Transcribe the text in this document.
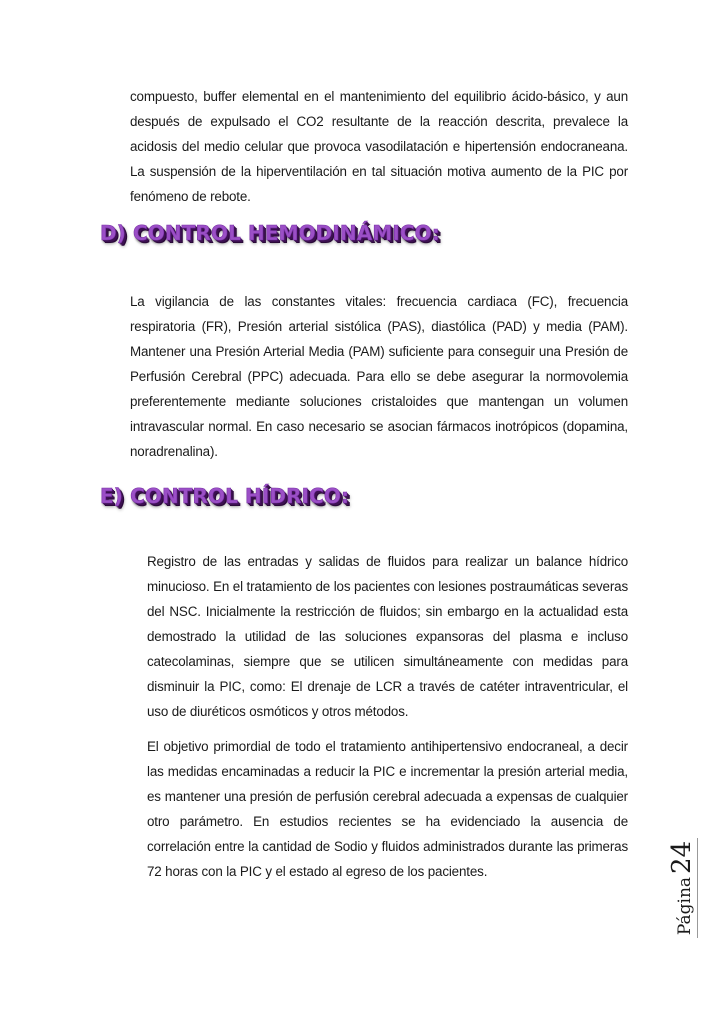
compuesto, buffer elemental en el mantenimiento del equilibrio ácido-básico, y aun después de expulsado el CO2 resultante de la reacción descrita, prevalece la acidosis del medio celular que provoca vasodilatación e hipertensión endocraneana. La suspensión de la hiperventilación en tal situación motiva aumento de la PIC por fenómeno de rebote.
D) CONTROL HEMODINÁMICO:
La vigilancia de las constantes vitales: frecuencia cardiaca (FC), frecuencia respiratoria (FR), Presión arterial sistólica (PAS), diastólica (PAD) y media (PAM). Mantener una Presión Arterial Media (PAM) suficiente para conseguir una Presión de Perfusión Cerebral (PPC) adecuada. Para ello se debe asegurar la normovolemia preferentemente mediante soluciones cristaloides que mantengan un volumen intravascular normal. En caso necesario se asocian fármacos inotrópicos (dopamina, noradrenalina).
E) CONTROL HÍDRICO:
Registro de las entradas y salidas de fluidos para realizar un balance hídrico minucioso. En el tratamiento de los pacientes con lesiones postraumáticas severas del NSC. Inicialmente la restricción de fluidos; sin embargo en la actualidad esta demostrado la utilidad de las soluciones expansoras del plasma e incluso catecolaminas, siempre que se utilicen simultáneamente con medidas para disminuir la PIC, como: El drenaje de LCR a través de catéter intraventricular, el uso de diuréticos osmóticos y otros métodos.
El objetivo primordial de todo el tratamiento antihipertensivo endocraneal, a decir las medidas encaminadas a reducir la PIC e incrementar la presión arterial media, es mantener una presión de perfusión cerebral adecuada a expensas de cualquier otro parámetro. En estudios recientes se ha evidenciado la ausencia de correlación entre la cantidad de Sodio y fluidos administrados durante las primeras 72 horas con la PIC y el estado al egreso de los pacientes.
Página24
